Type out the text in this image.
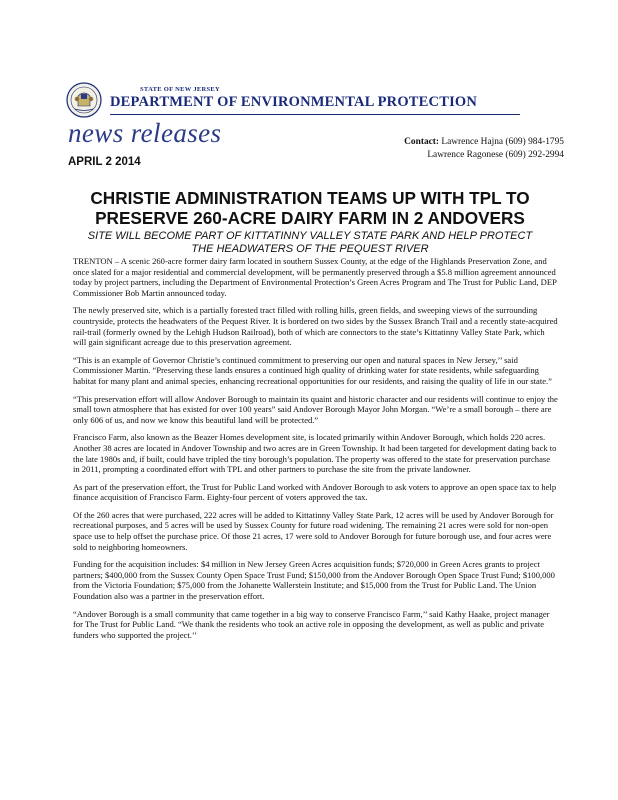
STATE OF NEW JERSEY
DEPARTMENT OF ENVIRONMENTAL PROTECTION
news releases
APRIL 2 2014
Contact: Lawrence Hajna (609) 984-1795
Lawrence Ragonese (609) 292-2994
CHRISTIE ADMINISTRATION TEAMS UP WITH TPL TO
PRESERVE 260-ACRE DAIRY FARM IN 2 ANDOVERS
SITE WILL BECOME PART OF KITTATINNY VALLEY STATE PARK AND HELP PROTECT
THE HEADWATERS OF THE PEQUEST RIVER

TRENTON – A scenic 260-acre former dairy farm located in southern Sussex County, at the edge of the Highlands Preservation Zone, and once slated for a major residential and commercial development, will be permanently preserved through a $5.8 million agreement announced today by project partners, including the Department of Environmental Protection’s Green Acres Program and The Trust for Public Land, DEP Commissioner Bob Martin announced today.

The newly preserved site, which is a partially forested tract filled with rolling hills, green fields, and sweeping views of the surrounding countryside, protects the headwaters of the Pequest River. It is bordered on two sides by the Sussex Branch Trail and a recently state-acquired rail-trail (formerly owned by the Lehigh Hudson Railroad), both of which are connectors to the state’s Kittatinny Valley State Park, which will gain significant acreage due to this preservation agreement.

“This is an example of Governor Christie’s continued commitment to preserving our open and natural spaces in New Jersey,’’ said Commissioner Martin. “Preserving these lands ensures a continued high quality of drinking water for state residents, while safeguarding habitat for many plant and animal species, enhancing recreational opportunities for our residents, and raising the quality of life in our state.”

“This preservation effort will allow Andover Borough to maintain its quaint and historic character and our residents will continue to enjoy the small town atmosphere that has existed for over 100 years” said Andover Borough Mayor John Morgan. “We’re a small borough – there are only 606 of us, and now we know this beautiful land will be protected.”

Francisco Farm, also known as the Beazer Homes development site, is located primarily within Andover Borough, which holds 220 acres. Another 38 acres are located in Andover Township and two acres are in Green Township. It had been targeted for development dating back to the late 1980s and, if built, could have tripled the tiny borough’s population. The property was offered to the state for preservation purchase in 2011, prompting a coordinated effort with TPL and other partners to purchase the site from the private landowner.

As part of the preservation effort, the Trust for Public Land worked with Andover Borough to ask voters to approve an open space tax to help finance acquisition of Francisco Farm. Eighty-four percent of voters approved the tax.

Of the 260 acres that were purchased, 222 acres will be added to Kittatinny Valley State Park, 12 acres will be used by Andover Borough for recreational purposes, and 5 acres will be used by Sussex County for future road widening. The remaining 21 acres were sold for non-open space use to help offset the purchase price. Of those 21 acres, 17 were sold to Andover Borough for future borough use, and four acres were sold to neighboring homeowners.

Funding for the acquisition includes: $4 million in New Jersey Green Acres acquisition funds; $720,000 in Green Acres grants to project partners; $400,000 from the Sussex County Open Space Trust Fund; $150,000 from the Andover Borough Open Space Trust Fund; $100,000 from the Victoria Foundation; $75,000 from the Johanette Wallerstein Institute; and $15,000 from the Trust for Public Land. The Union Foundation also was a partner in the preservation effort.

“Andover Borough is a small community that came together in a big way to conserve Francisco Farm,’’ said Kathy Haake, project manager for The Trust for Public Land. “We thank the residents who took an active role in opposing the development, as well as public and private funders who supported the project.’’
